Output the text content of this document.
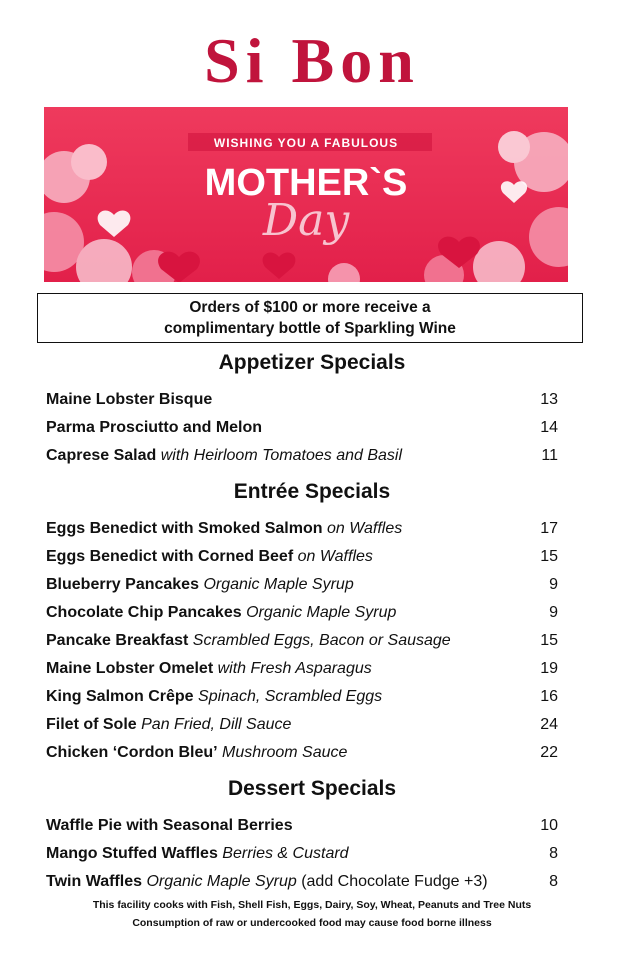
Si Bon
WISHING YOU A FABULOUS
MOTHER`S
Day
Orders of $100 or more receive a
complimentary bottle of Sparkling Wine
Appetizer Specials
Maine Lobster Bisque	13
Parma Prosciutto and Melon	14
Caprese Salad with Heirloom Tomatoes and Basil	11
Entrée Specials
Eggs Benedict with Smoked Salmon on Waffles	17
Eggs Benedict with Corned Beef on Waffles	15
Blueberry Pancakes Organic Maple Syrup	9
Chocolate Chip Pancakes Organic Maple Syrup	9
Pancake Breakfast Scrambled Eggs, Bacon or Sausage	15
Maine Lobster Omelet with Fresh Asparagus	19
King Salmon Crêpe Spinach, Scrambled Eggs	16
Filet of Sole Pan Fried, Dill Sauce	24
Chicken ‘Cordon Bleu’ Mushroom Sauce	22
Dessert Specials
Waffle Pie with Seasonal Berries	10
Mango Stuffed Waffles Berries & Custard	8
Twin Waffles Organic Maple Syrup (add Chocolate Fudge +3)	8
This facility cooks with Fish, Shell Fish, Eggs, Dairy, Soy, Wheat, Peanuts and Tree Nuts
Consumption of raw or undercooked food may cause food borne illness
